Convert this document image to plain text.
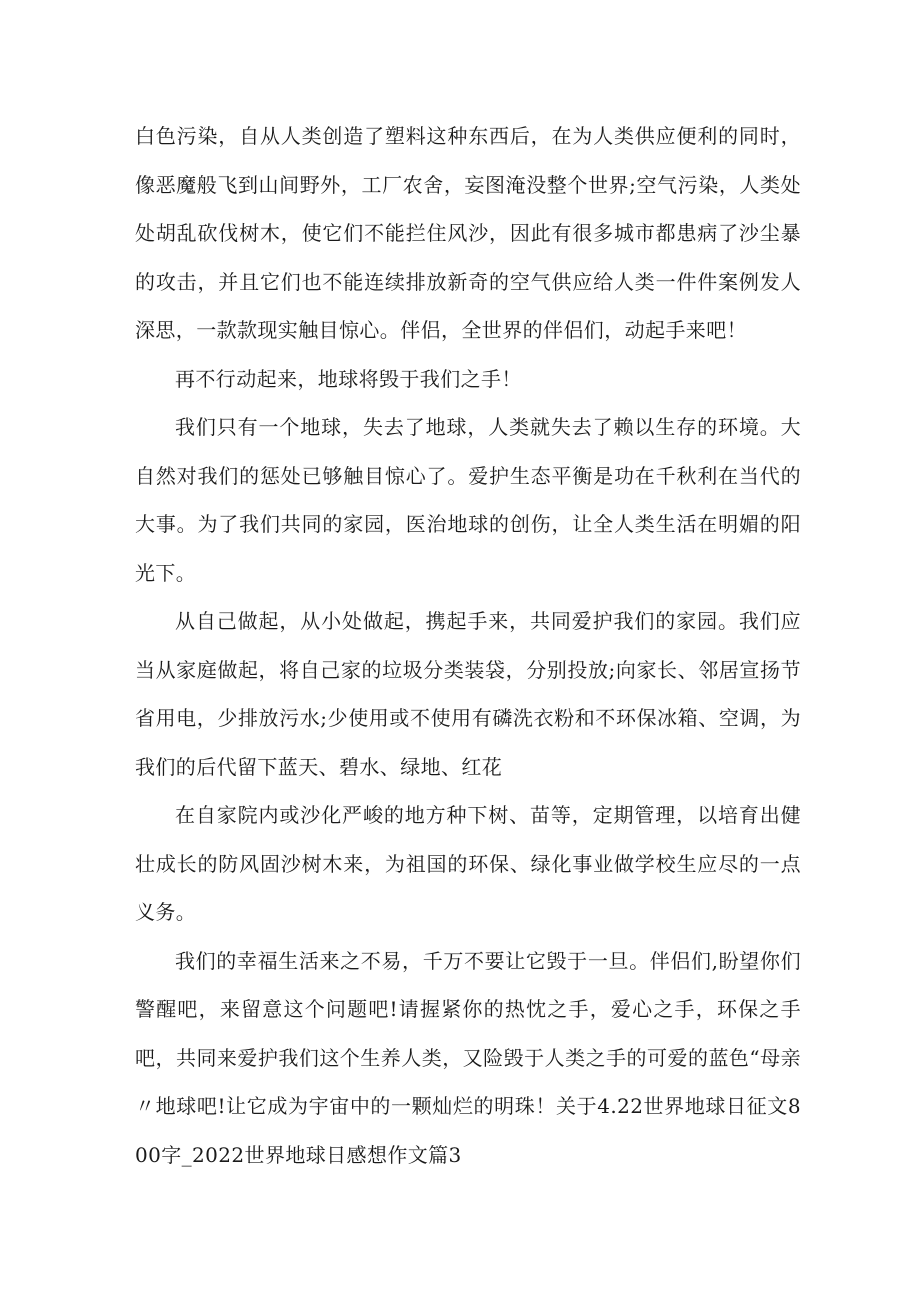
白色污染，自从人类创造了塑料这种东西后，在为人类供应便利的同时，像恶魔般飞到山间野外，工厂农舍，妄图淹没整个世界;空气污染，人类处处胡乱砍伐树木，使它们不能拦住风沙，因此有很多城市都患病了沙尘暴的攻击，并且它们也不能连续排放新奇的空气供应给人类一件件案例发人深思，一款款现实触目惊心。伴侣，全世界的伴侣们，动起手来吧！

再不行动起来，地球将毁于我们之手！

我们只有一个地球，失去了地球，人类就失去了赖以生存的环境。大自然对我们的惩处已够触目惊心了。爱护生态平衡是功在千秋利在当代的大事。为了我们共同的家园，医治地球的创伤，让全人类生活在明媚的阳光下。

从自己做起，从小处做起，携起手来，共同爱护我们的家园。我们应当从家庭做起，将自己家的垃圾分类装袋，分别投放;向家长、邻居宣扬节省用电，少排放污水;少使用或不使用有磷洗衣粉和不环保冰箱、空调，为我们的后代留下蓝天、碧水、绿地、红花

在自家院内或沙化严峻的地方种下树、苗等，定期管理，以培育出健壮成长的防风固沙树木来，为祖国的环保、绿化事业做学校生应尽的一点义务。

我们的幸福生活来之不易，千万不要让它毁于一旦。伴侣们,盼望你们警醒吧，来留意这个问题吧!请握紧你的热忱之手，爱心之手，环保之手吧，共同来爱护我们这个生养人类，又险毁于人类之手的可爱的蓝色“母亲〃地球吧!让它成为宇宙中的一颗灿烂的明珠！关于4.22世界地球日征文800字_2022世界地球日感想作文篇3
